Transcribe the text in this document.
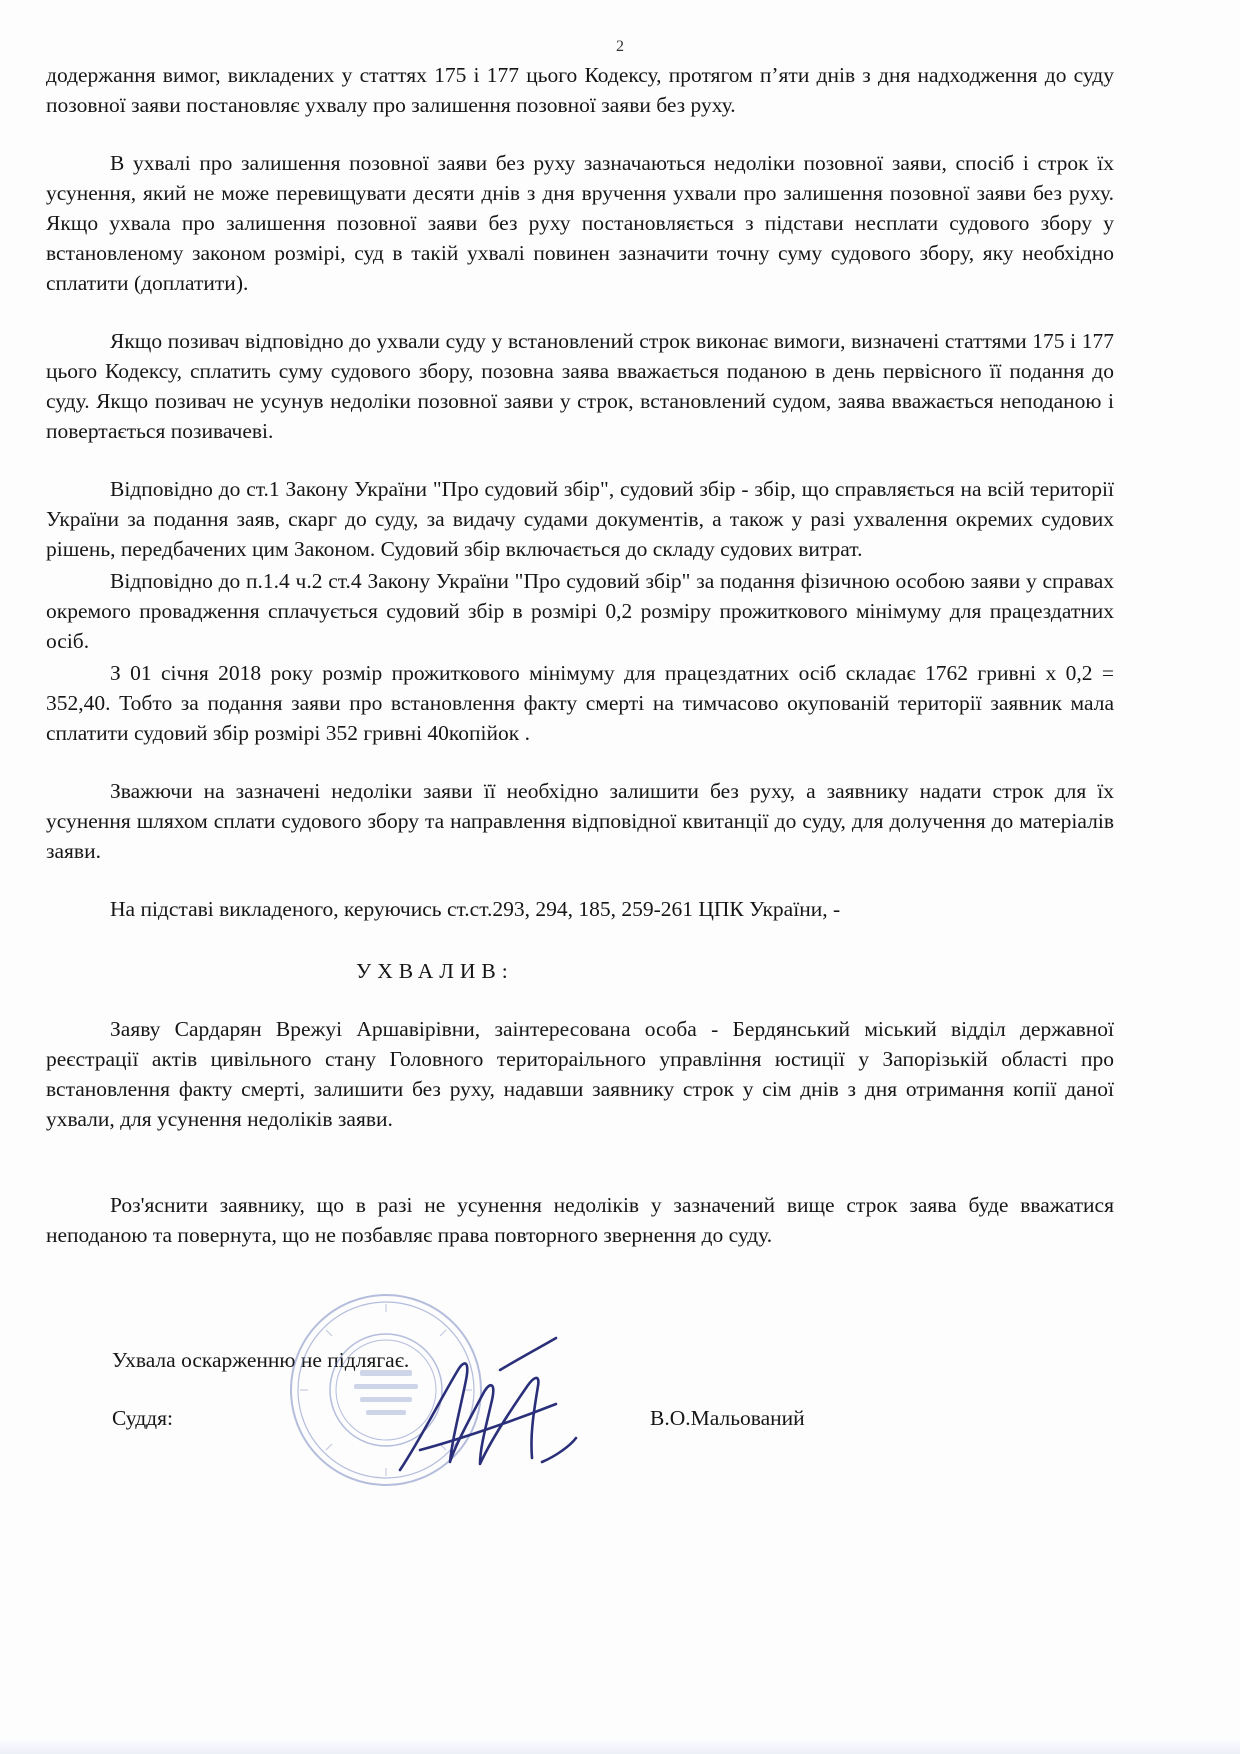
2

додержання вимог, викладених у статтях 175 і 177 цього Кодексу, протягом п’яти днів з дня надходження до суду позовної заяви постановляє ухвалу про залишення позовної заяви без руху.

В ухвалі про залишення позовної заяви без руху зазначаються недоліки позовної заяви, спосіб і строк їх усунення, який не може перевищувати десяти днів з дня вручення ухвали про залишення позовної заяви без руху. Якщо ухвала про залишення позовної заяви без руху постановляється з підстави несплати судового збору у встановленому законом розмірі, суд в такій ухвалі повинен зазначити точну суму судового збору, яку необхідно сплатити (доплатити).

Якщо позивач відповідно до ухвали суду у встановлений строк виконає вимоги, визначені статтями 175 і 177 цього Кодексу, сплатить суму судового збору, позовна заява вважається поданою в день первісного її подання до суду. Якщо позивач не усунув недоліки позовної заяви у строк, встановлений судом, заява вважається неподаною і повертається позивачеві.

Відповідно до ст.1 Закону України "Про судовий збір", судовий збір - збір, що справляється на всій території України за подання заяв, скарг до суду, за видачу судами документів, а також у разі ухвалення окремих судових рішень, передбачених цим Законом. Судовий збір включається до складу судових витрат.

Відповідно до п.1.4 ч.2 ст.4 Закону України "Про судовий збір" за подання фізичною особою заяви у справах окремого провадження сплачується судовий збір в розмірі 0,2 розміру прожиткового мінімуму для працездатних осіб.

З 01 січня 2018 року розмір прожиткового мінімуму для працездатних осіб складає 1762 гривні х 0,2 = 352,40. Тобто за подання заяви про встановлення факту смерті на тимчасово окупованій території заявник мала сплатити судовий збір розмірі 352 гривні 40копійок .

Зважючи на зазначені недоліки заяви її необхідно залишити без руху, а заявнику надати строк для їх усунення шляхом сплати судового збору та направлення відповідної квитанції до суду, для долучення до матеріалів заяви.

На підставі викладеного, керуючись ст.ст.293, 294, 185, 259-261 ЦПК України, -

УХВАЛИВ:

Заяву Сардарян Врежуі Аршавірівни, заінтересована особа - Бердянський міський відділ державної реєстрації актів цивільного стану Головного територаільного управління юстиції у Запорізькій області про встановлення факту смерті, залишити без руху, надавши заявнику строк у сім днів з дня отримання копії даної ухвали, для усунення недоліків заяви.

Роз'яснити заявнику, що в разі не усунення недоліків у зазначений вище строк заява буде вважатися неподаною та повернута, що не позбавляє права повторного звернення до суду.

Ухвала оскарженню не підлягає.
Суддя:	В.О.Мальований
